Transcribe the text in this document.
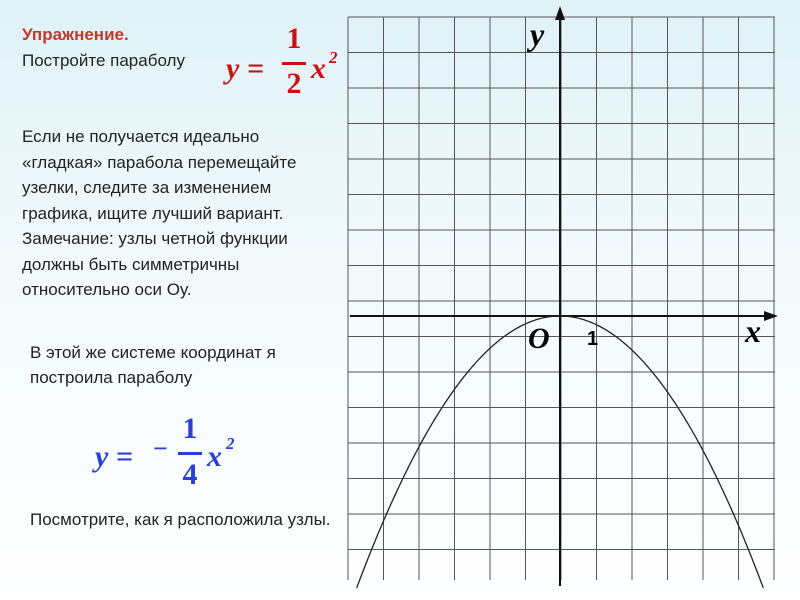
Упражнение.
Постройте параболу y =
1
2 x 2
Если не получается идеально
«гладкая» парабола перемещайте
узелки, следите за изменением
графика, ищите лучший вариант.
Замечание: узлы четной функции
должны быть симметричны
относительно оси Оу.
В этой же системе координат я
построила параболу
y = −
1
4
x 2
Посмотрите, как я расположила узлы.
y
x
O 1
